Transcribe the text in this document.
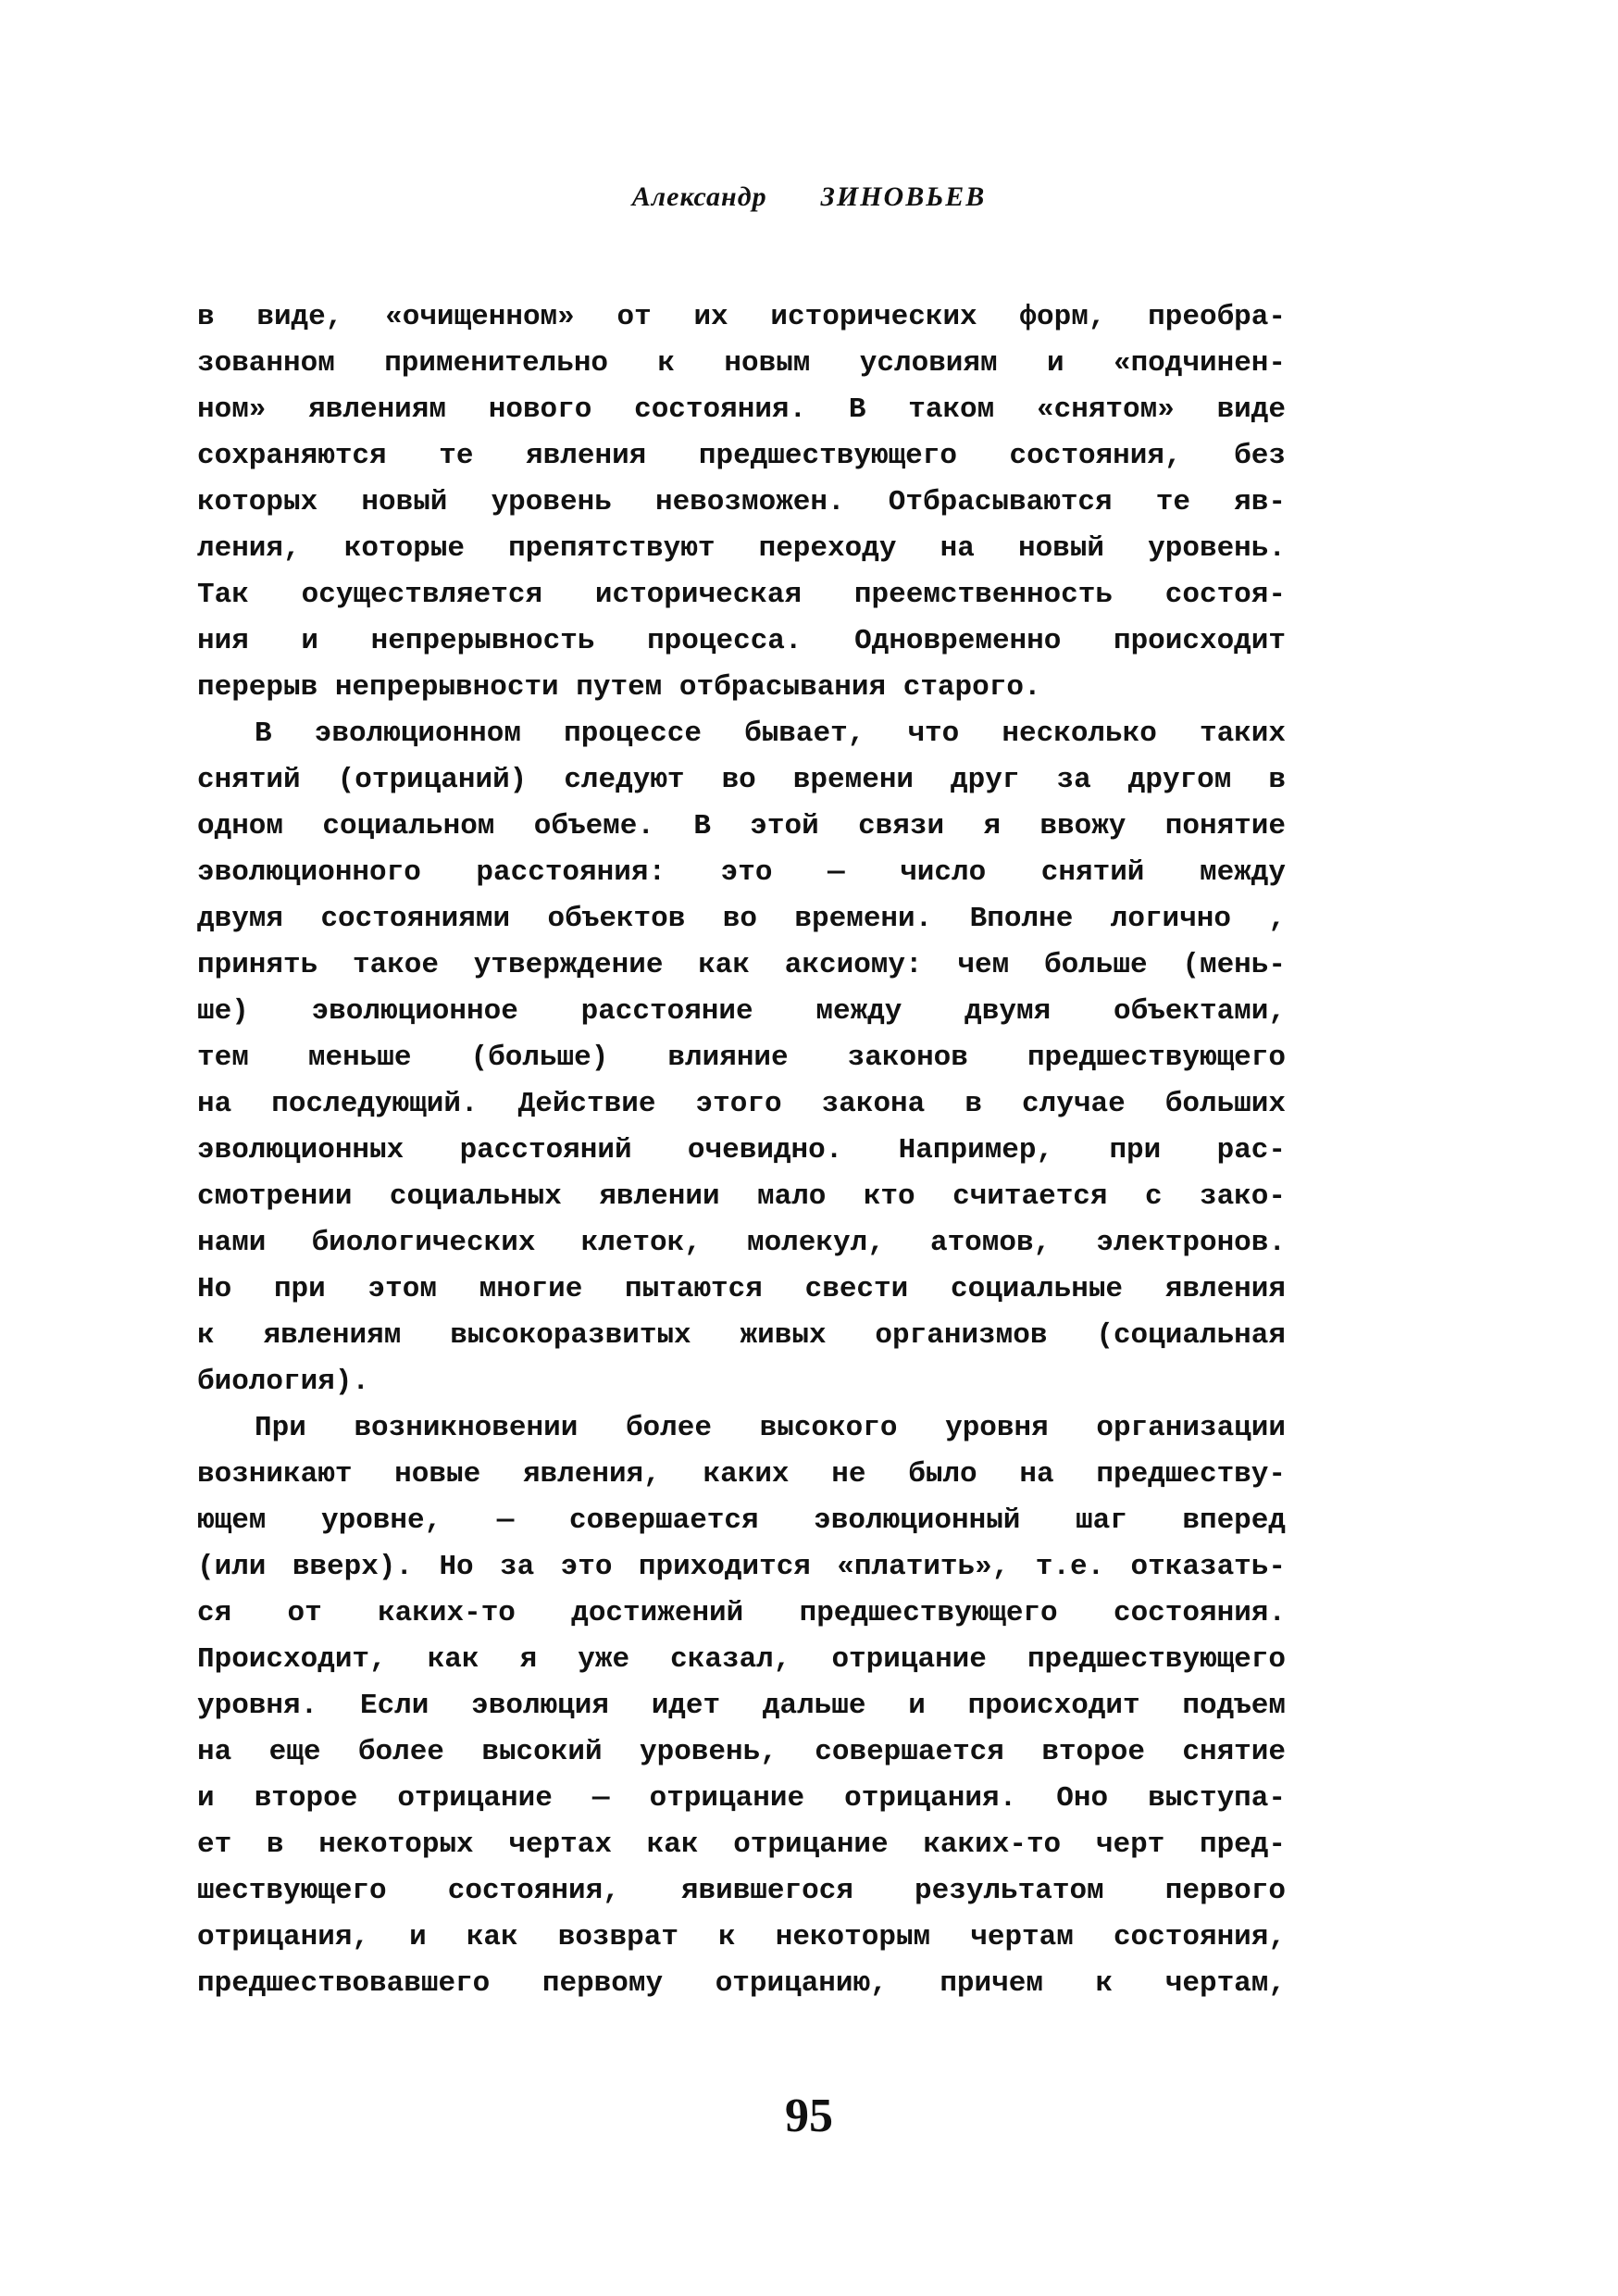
Александр ЗИНОВЬЕВ
в виде, «очищенном» от их исторических форм, преобра-
зованном применительно к новым условиям и «подчинен-
ном» явлениям нового состояния. В таком «снятом» виде
сохраняются те явления предшествующего состояния, без
которых новый уровень невозможен. Отбрасываются те яв-
ления, которые препятствуют переходу на новый уровень.
Так осуществляется историческая преемственность состоя-
ния и непрерывность процесса. Одновременно происходит
перерыв непрерывности путем отбрасывания старого.
В эволюционном процессе бывает, что несколько таких
снятий (отрицаний) следуют во времени друг за другом в
одном социальном объеме. В этой связи я ввожу понятие
эволюционного расстояния: это — число снятий между
двумя состояниями объектов во времени. Вполне логично ,
принять такое утверждение как аксиому: чем больше (мень-
ше) эволюционное расстояние между двумя объектами,
тем меньше (больше) влияние законов предшествующего
на последующий. Действие этого закона в случае больших
эволюционных расстояний очевидно. Например, при рас-
смотрении социальных явлении мало кто считается с зако-
нами биологических клеток, молекул, атомов, электронов.
Но при этом многие пытаются свести социальные явления
к явлениям высокоразвитых живых организмов (социальная
биология).
При возникновении более высокого уровня организации
возникают новые явления, каких не было на предшеству-
ющем уровне, — совершается эволюционный шаг вперед
(или вверх). Но за это приходится «платить», т.е. отказать-
ся от каких-то достижений предшествующего состояния.
Происходит, как я уже сказал, отрицание предшествующего
уровня. Если эволюция идет дальше и происходит подъем
на еще более высокий уровень, совершается второе снятие
и второе отрицание — отрицание отрицания. Оно выступа-
ет в некоторых чертах как отрицание каких-то черт пред-
шествующего состояния, явившегося результатом первого
отрицания, и как возврат к некоторым чертам состояния,
предшествовавшего первому отрицанию, причем к чертам,
95
